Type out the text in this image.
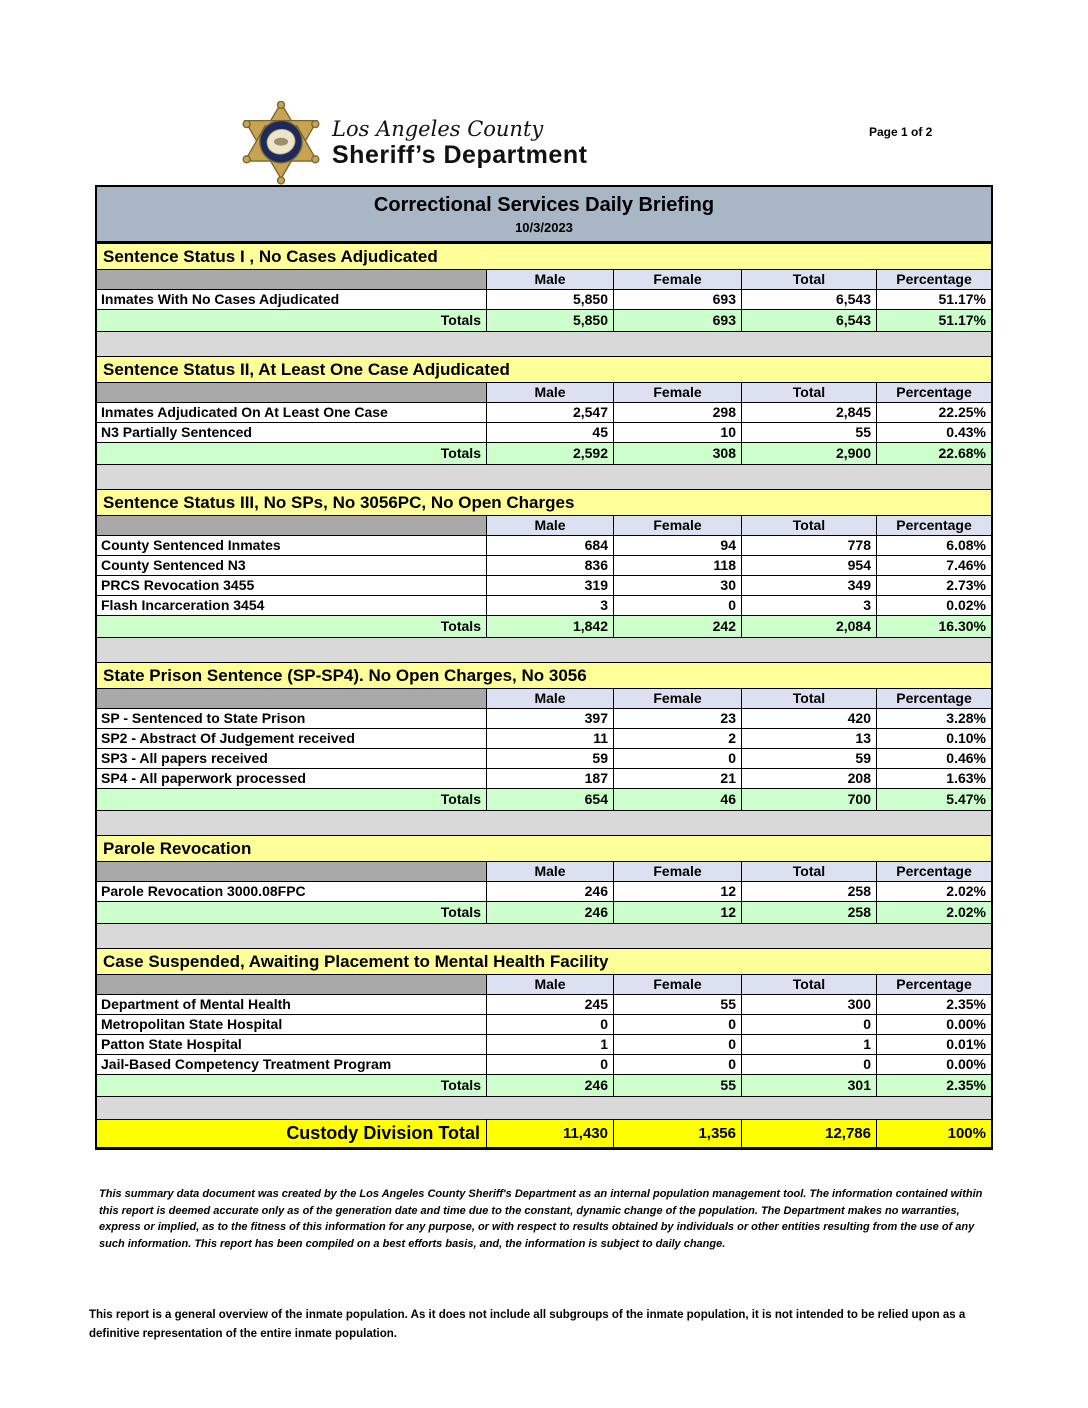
Los Angeles County
Sheriff’s Department
Page 1 of 2
Correctional Services Daily Briefing
10/3/2023
Sentence Status I , No Cases Adjudicated
Male	Female	Total	Percentage
Inmates With No Cases Adjudicated	5,850	693	6,543	51.17%
Totals	5,850	693	6,543	51.17%
Sentence Status II, At Least One Case Adjudicated
Male	Female	Total	Percentage
Inmates Adjudicated On At Least One Case	2,547	298	2,845	22.25%
N3 Partially Sentenced	45	10	55	0.43%
Totals	2,592	308	2,900	22.68%
Sentence Status III, No SPs, No 3056PC, No Open Charges
Male	Female	Total	Percentage
County Sentenced Inmates	684	94	778	6.08%
County Sentenced N3	836	118	954	7.46%
PRCS Revocation 3455	319	30	349	2.73%
Flash Incarceration 3454	3	0	3	0.02%
Totals	1,842	242	2,084	16.30%
State Prison Sentence (SP-SP4). No Open Charges, No 3056
Male	Female	Total	Percentage
SP - Sentenced to State Prison	397	23	420	3.28%
SP2 - Abstract Of Judgement received	11	2	13	0.10%
SP3 - All papers received	59	0	59	0.46%
SP4 - All paperwork processed	187	21	208	1.63%
Totals	654	46	700	5.47%
Parole Revocation
Male	Female	Total	Percentage
Parole Revocation 3000.08FPC	246	12	258	2.02%
Totals	246	12	258	2.02%
Case Suspended, Awaiting Placement to Mental Health Facility
Male	Female	Total	Percentage
Department of Mental Health	245	55	300	2.35%
Metropolitan State Hospital	0	0	0	0.00%
Patton State Hospital	1	0	1	0.01%
Jail-Based Competency Treatment Program	0	0	0	0.00%
Totals	246	55	301	2.35%
Custody Division Total	11,430	1,356	12,786	100%

This summary data document was created by the Los Angeles County Sheriff's Department as an internal population management tool. The information contained within this report is deemed accurate only as of the generation date and time due to the constant, dynamic change of the population. The Department makes no warranties, express or implied, as to the fitness of this information for any purpose, or with respect to results obtained by individuals or other entities resulting from the use of any such information. This report has been compiled on a best efforts basis, and, the information is subject to daily change.

This report is a general overview of the inmate population. As it does not include all subgroups of the inmate population, it is not intended to be relied upon as a definitive representation of the entire inmate population.
